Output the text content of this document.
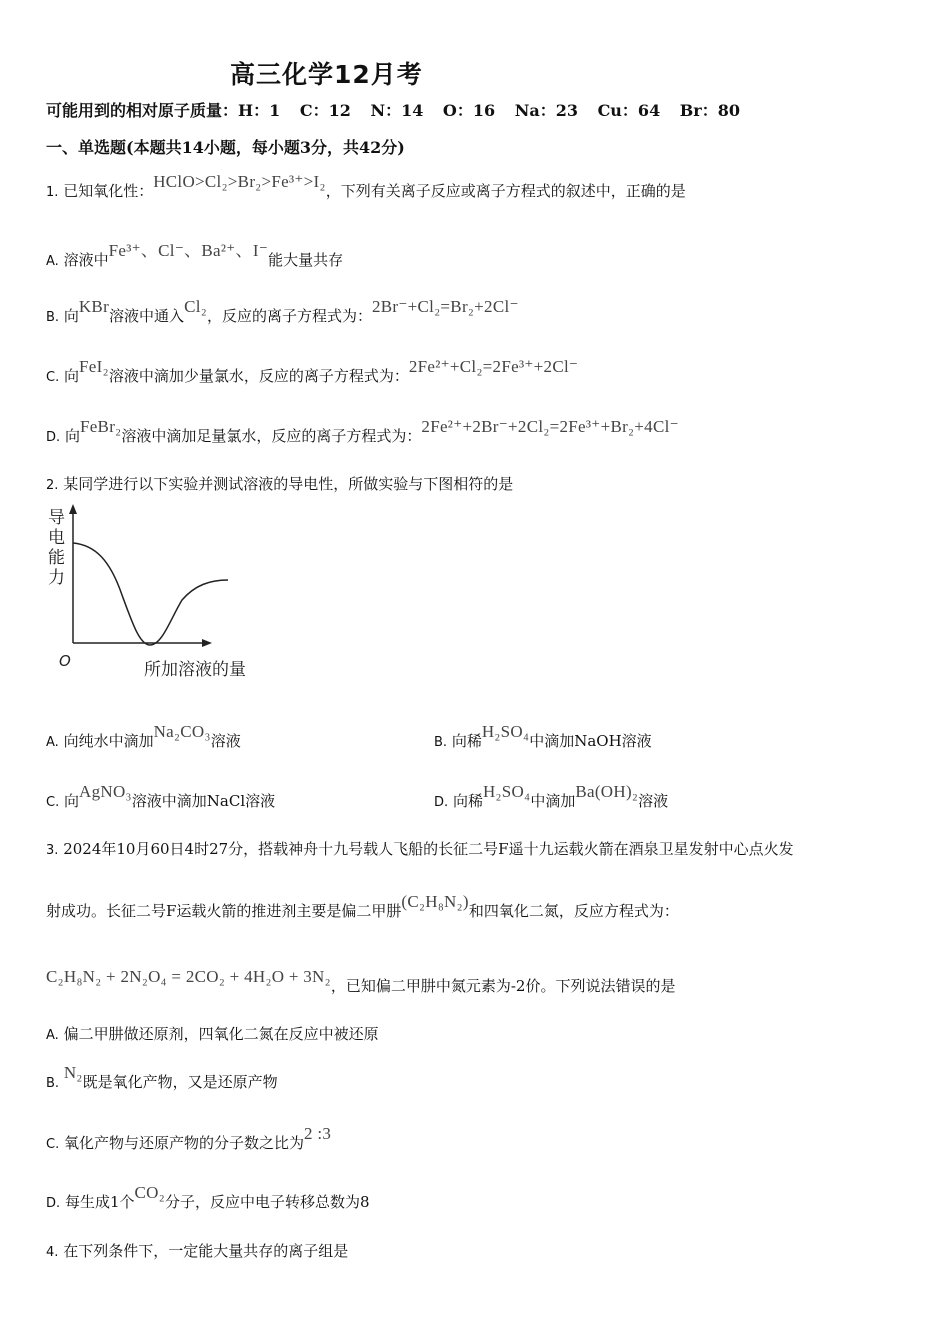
高三化学12月考
可能用到的相对原子质量：H：1 C：12 N：14 O：16 Na：23 Cu：64 Br：80
一、单选题(本题共14小题，每小题3分，共42分)
1. 已知氧化性：HClO>Cl₂>Br₂>Fe³⁺>I₂，下列有关离子反应或离子方程式的叙述中，正确的是
A. 溶液中Fe³⁺、Cl⁻、Ba²⁺、I⁻能大量共存
B. 向KBr溶液中通入Cl₂，反应的离子方程式为：2Br⁻+Cl₂=Br₂+2Cl⁻
C. 向FeI₂溶液中滴加少量氯水，反应的离子方程式为：2Fe²⁺+Cl₂=2Fe³⁺+2Cl⁻
D. 向FeBr₂溶液中滴加足量氯水，反应的离子方程式为：2Fe²⁺+2Br⁻+2Cl₂=2Fe³⁺+Br₂+4Cl⁻
2. 某同学进行以下实验并测试溶液的导电性，所做实验与下图相符的是
导
电
能
力
O	所加溶液的量
A. 向纯水中滴加Na₂CO₃溶液	B. 向稀H₂SO₄中滴加NaOH溶液
C. 向AgNO₃溶液中滴加NaCl溶液	D. 向稀H₂SO₄中滴加Ba(OH)₂溶液
3. 2024年10月60日4时27分，搭载神舟十九号载人飞船的长征二号F遥十九运载火箭在酒泉卫星发射中心点火发
射成功。长征二号F运载火箭的推进剂主要是偏二甲肼(C₂H₈N₂)和四氧化二氮，反应方程式为：
C₂H₈N₂ + 2N₂O₄ = 2CO₂ + 4H₂O + 3N₂，已知偏二甲肼中氮元素为-2价。下列说法错误的是
A. 偏二甲肼做还原剂，四氧化二氮在反应中被还原
B. N₂既是氧化产物，又是还原产物
C. 氧化产物与还原产物的分子数之比为2 :3
D. 每生成1个CO₂分子，反应中电子转移总数为8
4. 在下列条件下，一定能大量共存的离子组是
